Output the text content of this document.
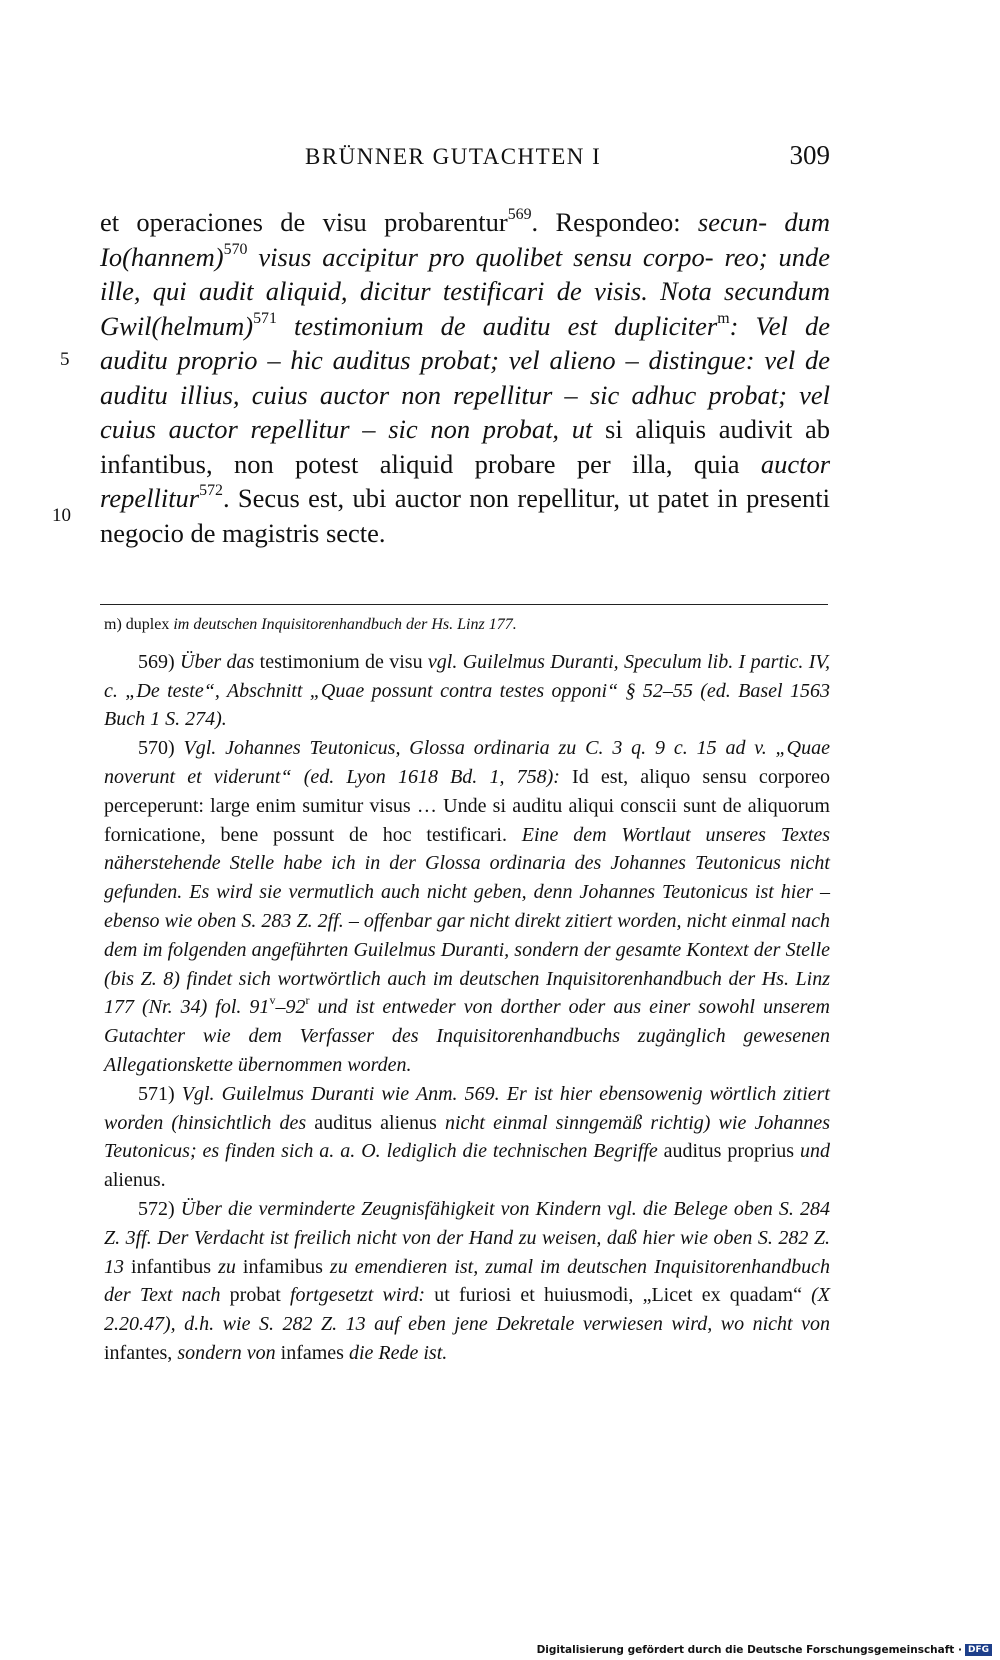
BRÜNNER GUTACHTEN I	309
5
10
et operaciones de visu probarentur$^{569}$. Respondeo: secun- dum Io(hannem)$^{570}$ visus accipitur pro quolibet sensu corpo- reo; unde ille, qui audit aliquid, dicitur testificari de visis. Nota secundum Gwil(helmum)$^{571}$ testimonium de auditu est dupliciter$^m$: Vel de auditu proprio – hic auditus probat; vel alieno – distingue: vel de auditu illius, cuius auctor non repellitur – sic adhuc probat; vel cuius auctor repellitur – sic non probat, ut si aliquis audivit ab infantibus, non potest aliquid probare per illa, quia auctor repellitur$^{572}$. Secus est, ubi auctor non repellitur, ut patet in presenti negocio de magistris secte.
m) duplex im deutschen Inquisitorenhandbuch der Hs. Linz 177.

569) Über das testimonium de visu vgl. Guilelmus Duranti, Speculum lib. I partic. IV, c. „De teste“, Abschnitt „Quae possunt contra testes opponi“ § 52–55 (ed. Basel 1563 Buch 1 S. 274).

570) Vgl. Johannes Teutonicus, Glossa ordinaria zu C. 3 q. 9 c. 15 ad v. „Quae noverunt et viderunt“ (ed. Lyon 1618 Bd. 1, 758): Id est, aliquo sensu corporeo perceperunt: large enim sumitur visus … Unde si auditu aliqui conscii sunt de aliquorum fornicatione, bene possunt de hoc testificari. Eine dem Wortlaut unseres Textes näherstehende Stelle habe ich in der Glossa ordinaria des Johannes Teutonicus nicht gefunden. Es wird sie vermutlich auch nicht geben, denn Johannes Teutonicus ist hier – ebenso wie oben S. 283 Z. 2ff. – offenbar gar nicht direkt zitiert worden, nicht einmal nach dem im folgenden angeführten Guilelmus Duranti, sondern der gesamte Kontext der Stelle (bis Z. 8) findet sich wortwörtlich auch im deutschen Inquisitorenhandbuch der Hs. Linz 177 (Nr. 34) fol. 91$^v$–92$^r$ und ist entweder von dorther oder aus einer sowohl unserem Gutachter wie dem Verfasser des Inquisitorenhandbuchs zugänglich gewesenen Allegationskette übernommen worden.

571) Vgl. Guilelmus Duranti wie Anm. 569. Er ist hier ebensowenig wörtlich zitiert worden (hinsichtlich des auditus alienus nicht einmal sinngemäß richtig) wie Johannes Teutonicus; es finden sich a. a. O. lediglich die technischen Begriffe auditus proprius und alienus.

572) Über die verminderte Zeugnisfähigkeit von Kindern vgl. die Belege oben S. 284 Z. 3ff. Der Verdacht ist freilich nicht von der Hand zu weisen, daß hier wie oben S. 282 Z. 13 infantibus zu infamibus zu emendieren ist, zumal im deutschen Inquisitorenhandbuch der Text nach probat fortgesetzt wird: ut furiosi et huiusmodi, „Licet ex quadam“ (X 2.20.47), d.h. wie S. 282 Z. 13 auf eben jene Dekretale verwiesen wird, wo nicht von infantes, sondern von infames die Rede ist.

Digitalisierung gefördert durch die Deutsche Forschungsgemeinschaft · DFG
